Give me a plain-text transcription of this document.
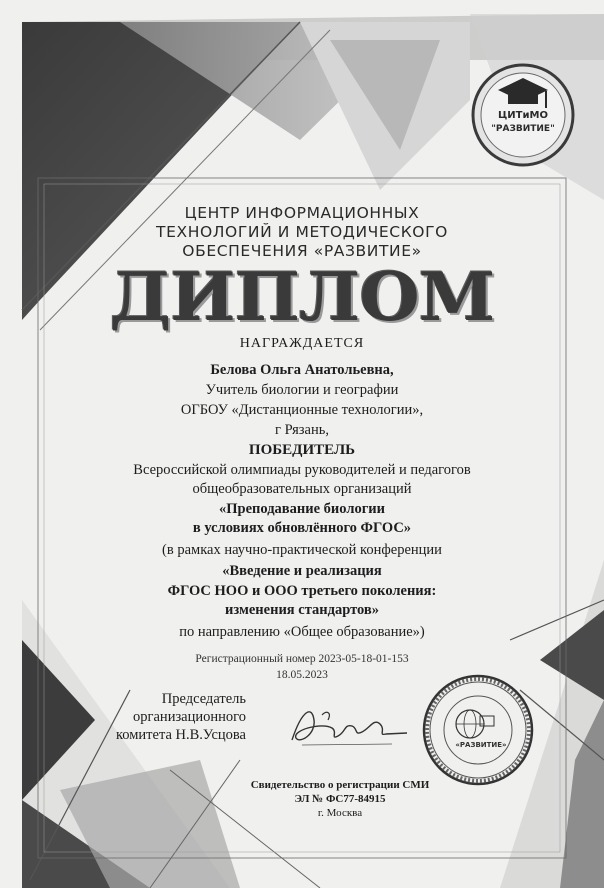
ЦИТиМО
"РАЗВИТИЕ"
ЦЕНТР ИНФОРМАЦИОННЫХ
ТЕХНОЛОГИЙ И МЕТОДИЧЕСКОГО
ОБЕСПЕЧЕНИЯ «РАЗВИТИЕ»
ДИПЛОМ
НАГРАЖДАЕТСЯ
Белова Ольга Анатольевна,
Учитель биологии и географии
ОГБОУ «Дистанционные технологии»,
г Рязань,
ПОБЕДИТЕЛЬ
Всероссийской олимпиады руководителей и педагогов
общеобразовательных организаций
«Преподавание биологии
в условиях обновлённого ФГОС»
(в рамках научно-практической конференции
«Введение и реализация
ФГОС НОО и ООО третьего поколения:
изменения стандартов»
по направлению «Общее образование»)
Регистрационный номер 2023-05-18-01-153
18.05.2023
Председатель
организационного
комитета Н.В.Усцова
«РАЗВИТИЕ»
Свидетельство о регистрации СМИ
ЭЛ № ФС77-84915
г. Москва
